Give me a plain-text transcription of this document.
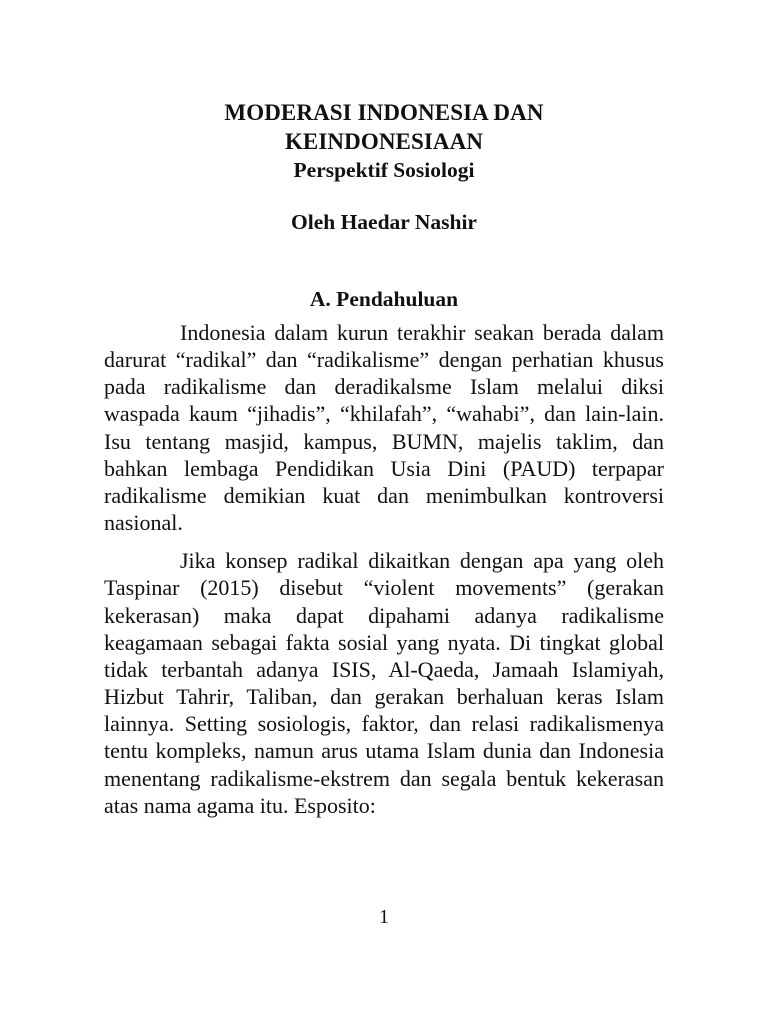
MODERASI INDONESIA DAN
KEINDONESIAAN
Perspektif Sosiologi
Oleh Haedar Nashir
A. Pendahuluan

Indonesia dalam kurun terakhir seakan berada dalam darurat “radikal” dan “radikalisme” dengan perhatian khusus pada radikalisme dan deradikalsme Islam melalui diksi waspada kaum “jihadis”, “khilafah”, “wahabi”, dan lain-lain. Isu tentang masjid, kampus, BUMN, majelis taklim, dan bahkan lembaga Pendidikan Usia Dini (PAUD) terpapar radikalisme demikian kuat dan menimbulkan kontroversi nasional.

Jika konsep radikal dikaitkan dengan apa yang oleh Taspinar (2015) disebut “violent movements” (gerakan kekerasan) maka dapat dipahami adanya radikalisme keagamaan sebagai fakta sosial yang nyata. Di tingkat global tidak terbantah adanya ISIS, Al-Qaeda, Jamaah Islamiyah, Hizbut Tahrir, Taliban, dan gerakan berhaluan keras Islam lainnya. Setting sosiologis, faktor, dan relasi radikalismenya tentu kompleks, namun arus utama Islam dunia dan Indonesia menentang radikalisme-ekstrem dan segala bentuk kekerasan atas nama agama itu. Esposito:

1
